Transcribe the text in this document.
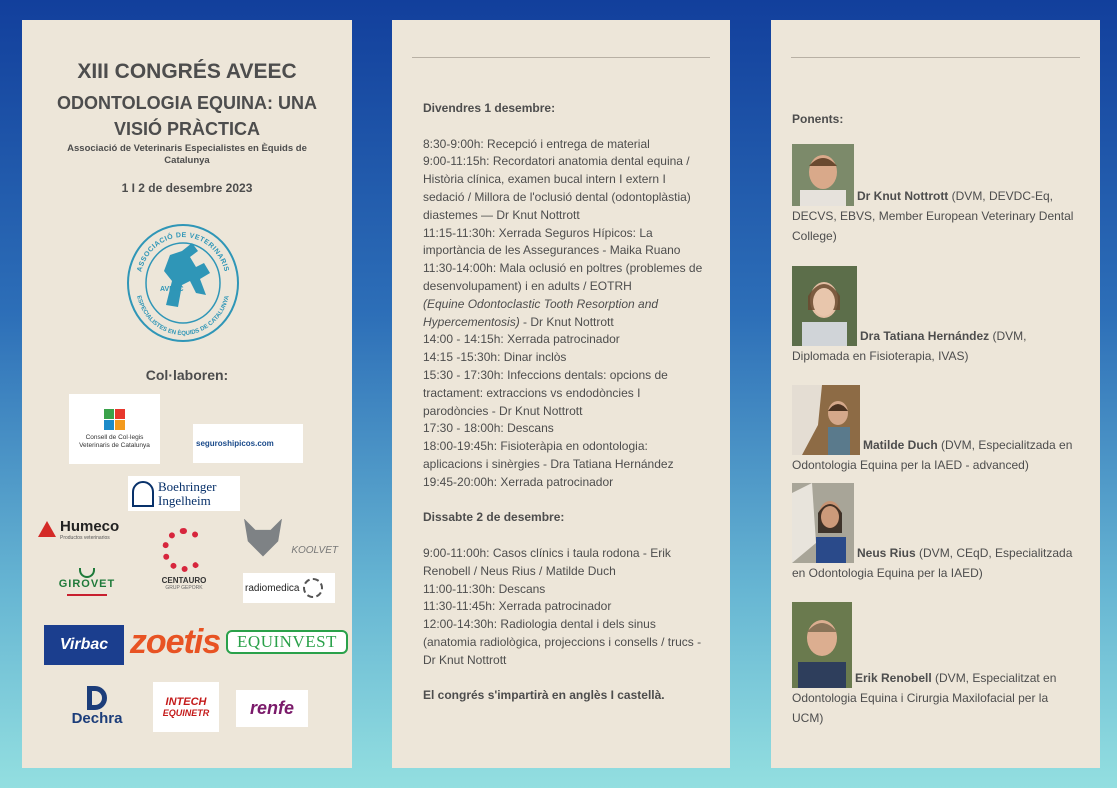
XIII CONGRÉS AVEEC
ODONTOLOGIA EQUINA: UNA
VISIÓ PRÀCTICA
Associació de Veterinaris Especialistes en Èquids de
Catalunya
1 I 2 de desembre 2023
ASSOCIACIÓ DE VETERINARIS
ESPECIALISTES EN ÈQUIDS DE CATALUNYA
AVEEC
Col·laboren:
Consell de Col·legis
Veterinaris de Catalunya	seguroshipicos.com
Boehringer
Ingelheim
Humeco
Productos veterinarios
KOOLVET
CENTAURO
GRUP GEPORK
GIROVET	radiomedica
Virbac zoetis EQUINVEST
Dechra
INTECH
EQUINETR renfe
Divendres 1 desembre:
8:30-9:00h: Recepció i entrega de material
9:00-11:15h: Recordatori anatomia dental equina / Història clínica, examen bucal intern I extern I sedació / Millora de l'oclusió dental (odontoplàstia) diastemes — Dr Knut Nottrott
11:15-11:30h: Xerrada Seguros Hípicos: La importància de les Assegurances - Maika Ruano
11:30-14:00h: Mala oclusió en poltres (problemes de desenvolupament) i en adults / EOTRH
(Equine Odontoclastic Tooth Resorption and Hypercementosis) - Dr Knut Nottrott
14:00 - 14:15h: Xerrada patrocinador
14:15 -15:30h: Dinar inclòs
15:30 - 17:30h: Infeccions dentals: opcions de tractament: extraccions vs endodòncies I parodòncies - Dr Knut Nottrott
17:30 - 18:00h: Descans
18:00-19:45h: Fisioteràpia en odontologia: aplicacions i sinèrgies - Dra Tatiana Hernández
19:45-20:00h: Xerrada patrocinador
Dissabte 2 de desembre:
9:00-11:00h: Casos clínics i taula rodona - Erik Renobell / Neus Rius / Matilde Duch
11:00-11:30h: Descans
11:30-11:45h: Xerrada patrocinador
12:00-14:30h: Radiologia dental i dels sinus (anatomia radiològica, projeccions i consells / trucs - Dr Knut Nottrott
El congrés s'impartirà en anglès I castellà.
Ponents:
Dr Knut Nottrott (DVM, DEVDC-Eq, DECVS, EBVS, Member European Veterinary Dental College)
Dra Tatiana Hernández (DVM, Diplomada en Fisioterapia, IVAS)
Matilde Duch (DVM, Especialitzada en Odontologia Equina per la IAED - advanced)
Neus Rius (DVM, CEqD, Especialitzada en Odontologia Equina per la IAED)
Erik Renobell (DVM, Especialitzat en Odontologia Equina i Cirurgia Maxilofacial per la UCM)
